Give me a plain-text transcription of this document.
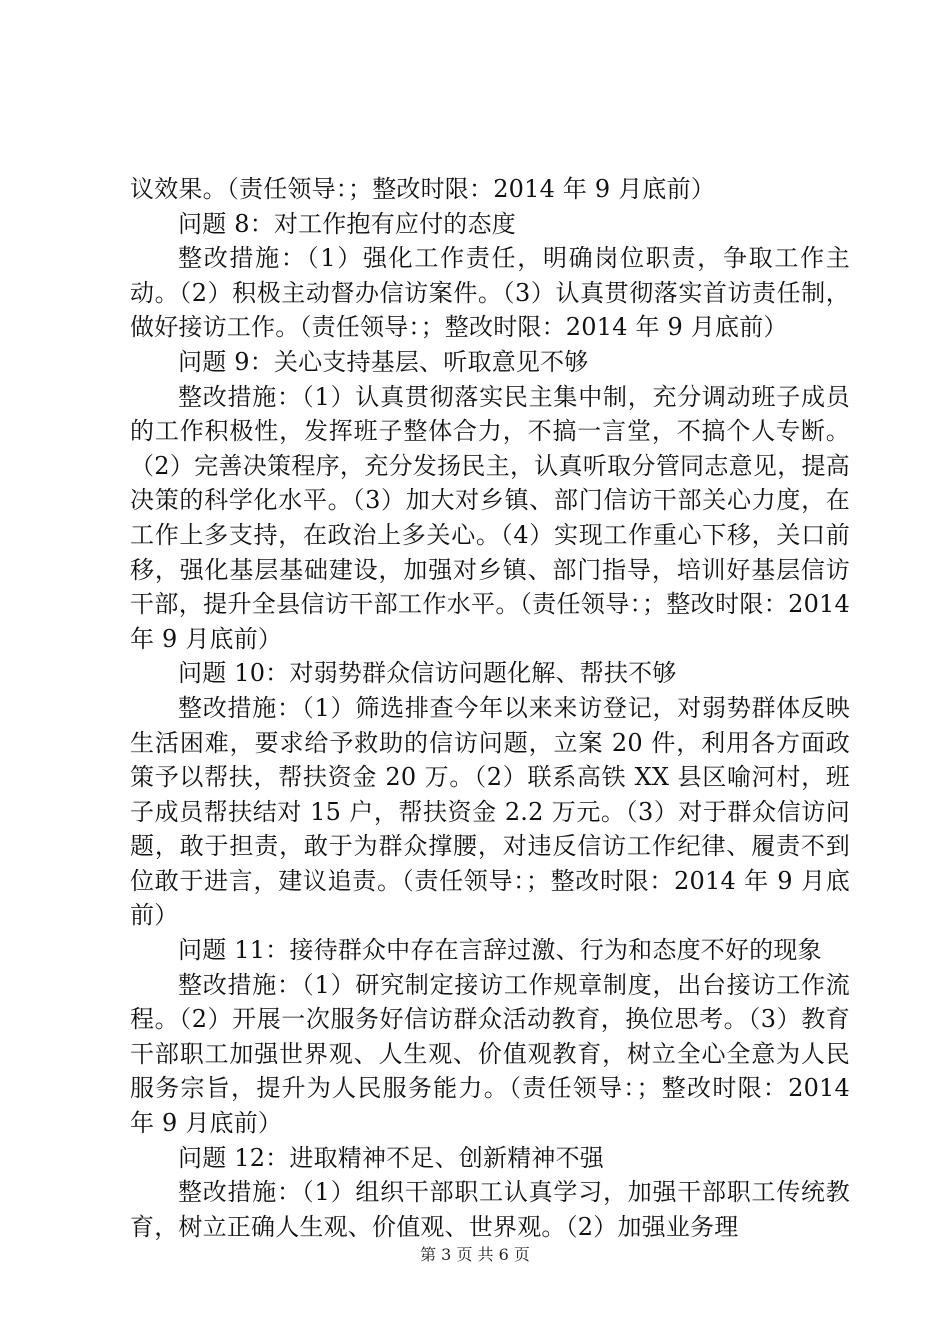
议效果。（责任领导：；整改时限：2014 年 9 月底前）

问题 8：对工作抱有应付的态度

整改措施：（1）强化工作责任，明确岗位职责，争取工作主动。（2）积极主动督办信访案件。（3）认真贯彻落实首访责任制，做好接访工作。（责任领导：；整改时限：2014 年 9 月底前）

问题 9：关心支持基层、听取意见不够

整改措施：（1）认真贯彻落实民主集中制，充分调动班子成员的工作积极性，发挥班子整体合力，不搞一言堂，不搞个人专断。（2）完善决策程序，充分发扬民主，认真听取分管同志意见，提高决策的科学化水平。（3）加大对乡镇、部门信访干部关心力度，在工作上多支持，在政治上多关心。（4）实现工作重心下移，关口前移，强化基层基础建设，加强对乡镇、部门指导，培训好基层信访干部，提升全县信访干部工作水平。（责任领导：；整改时限：2014 年 9 月底前）

问题 10：对弱势群众信访问题化解、帮扶不够

整改措施：（1）筛选排查今年以来来访登记，对弱势群体反映生活困难，要求给予救助的信访问题，立案 20 件，利用各方面政策予以帮扶，帮扶资金 20 万。（2）联系高铁 XX 县区喻河村，班子成员帮扶结对 15 户，帮扶资金 2.2 万元。（3）对于群众信访问题，敢于担责，敢于为群众撑腰，对违反信访工作纪律、履责不到位敢于进言，建议追责。（责任领导：；整改时限：2014 年 9 月底前）

问题 11：接待群众中存在言辞过激、行为和态度不好的现象

整改措施：（1）研究制定接访工作规章制度，出台接访工作流程。（2）开展一次服务好信访群众活动教育，换位思考。（3）教育干部职工加强世界观、人生观、价值观教育，树立全心全意为人民服务宗旨，提升为人民服务能力。（责任领导：；整改时限：2014 年 9 月底前）

问题 12：进取精神不足、创新精神不强

整改措施：（1）组织干部职工认真学习，加强干部职工传统教育，树立正确人生观、价值观、世界观。（2）加强业务理

第 3 页 共 6 页
